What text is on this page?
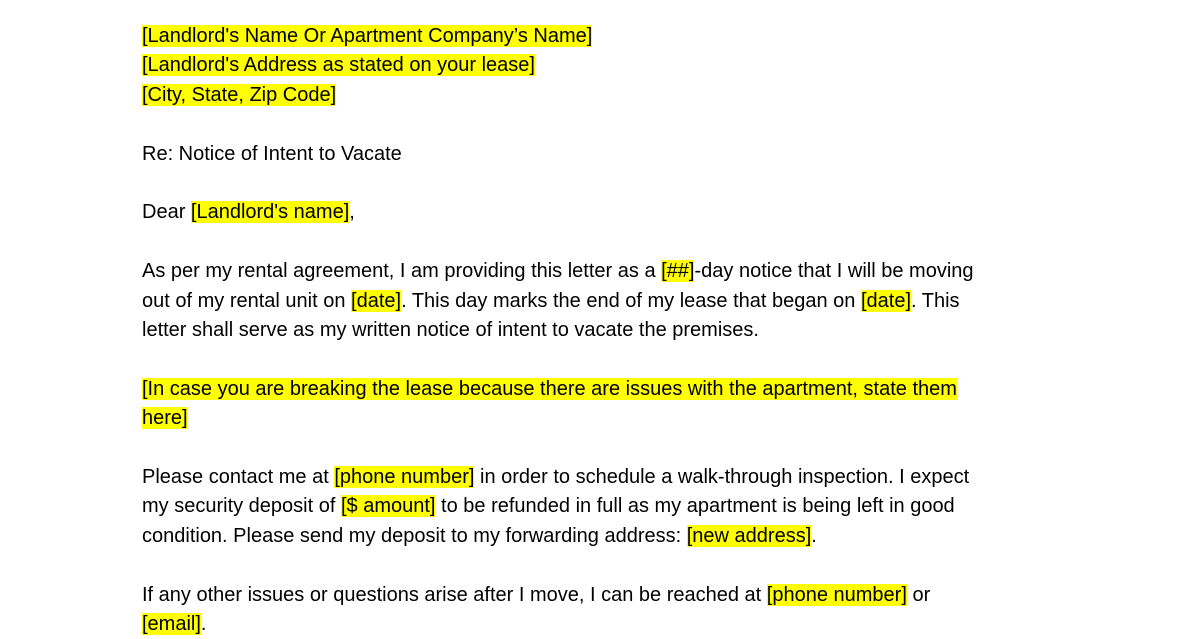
[Landlord's Name Or Apartment Company’s Name]
[Landlord's Address as stated on your lease]
[City, State, Zip Code]
Re: Notice of Intent to Vacate
Dear [Landlord's name],
As per my rental agreement, I am providing this letter as a [##]-day notice that I will be moving
out of my rental unit on [date]. This day marks the end of my lease that began on [date]. This
letter shall serve as my written notice of intent to vacate the premises.
[In case you are breaking the lease because there are issues with the apartment, state them
here]
Please contact me at [phone number] in order to schedule a walk-through inspection. I expect
my security deposit of [$ amount] to be refunded in full as my apartment is being left in good
condition. Please send my deposit to my forwarding address: [new address].
If any other issues or questions arise after I move, I can be reached at [phone number] or
[email].
